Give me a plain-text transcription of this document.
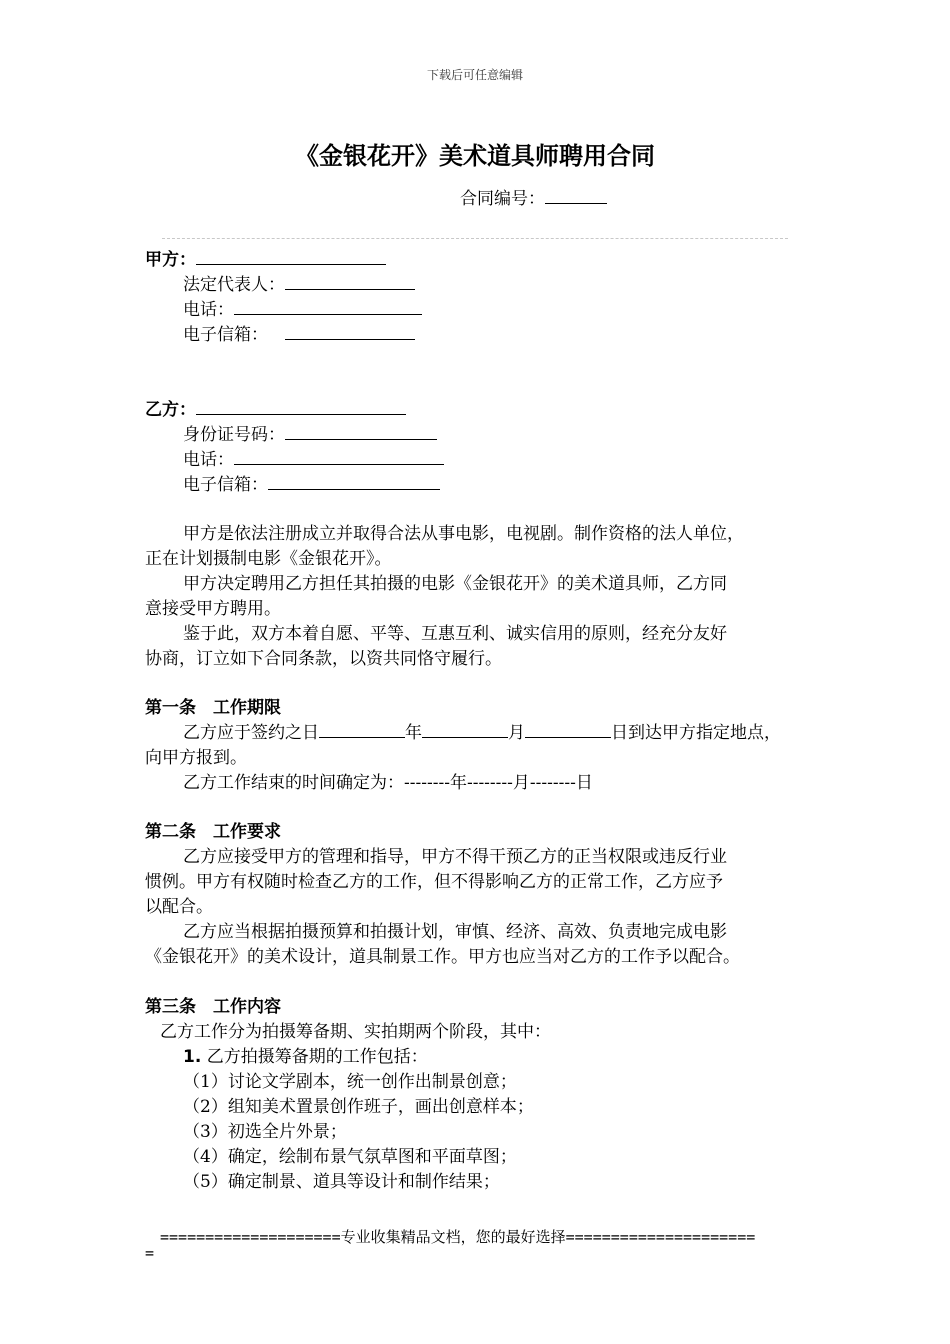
下载后可任意编辑
《金银花开》美术道具师聘用合同
合同编号：
甲方：
法定代表人：
电话：
电子信箱：
乙方：
身份证号码：
电话：
电子信箱：
甲方是依法注册成立并取得合法从事电影，电视剧。制作资格的法人单位，
正在计划摄制电影《金银花开》。
甲方决定聘用乙方担任其拍摄的电影《金银花开》的美术道具师，乙方同
意接受甲方聘用。
鉴于此，双方本着自愿、平等、互惠互利、诚实信用的原则，经充分友好
协商，订立如下合同条款，以资共同恪守履行。
第一条　工作期限
乙方应于签约之日	年	月	日到达甲方指定地点，
向甲方报到。
乙方工作结束的时间确定为：--------年--------月--------日
第二条　工作要求
乙方应接受甲方的管理和指导，甲方不得干预乙方的正当权限或违反行业
惯例。甲方有权随时检查乙方的工作，但不得影响乙方的正常工作，乙方应予
以配合。
乙方应当根据拍摄预算和拍摄计划，审慎、经济、高效、负责地完成电影
《金银花开》的美术设计，道具制景工作。甲方也应当对乙方的工作予以配合。
第三条　工作内容
乙方工作分为拍摄筹备期、实拍期两个阶段，其中：
1. 乙方拍摄筹备期的工作包括：
（1）讨论文学剧本，统一创作出制景创意；
（2）组知美术置景创作班子，画出创意样本；
（3）初选全片外景；
（4）确定，绘制布景气氛草图和平面草图；
（5）确定制景、道具等设计和制作结果；
====================专业收集精品文档，您的最好选择=====================
=
